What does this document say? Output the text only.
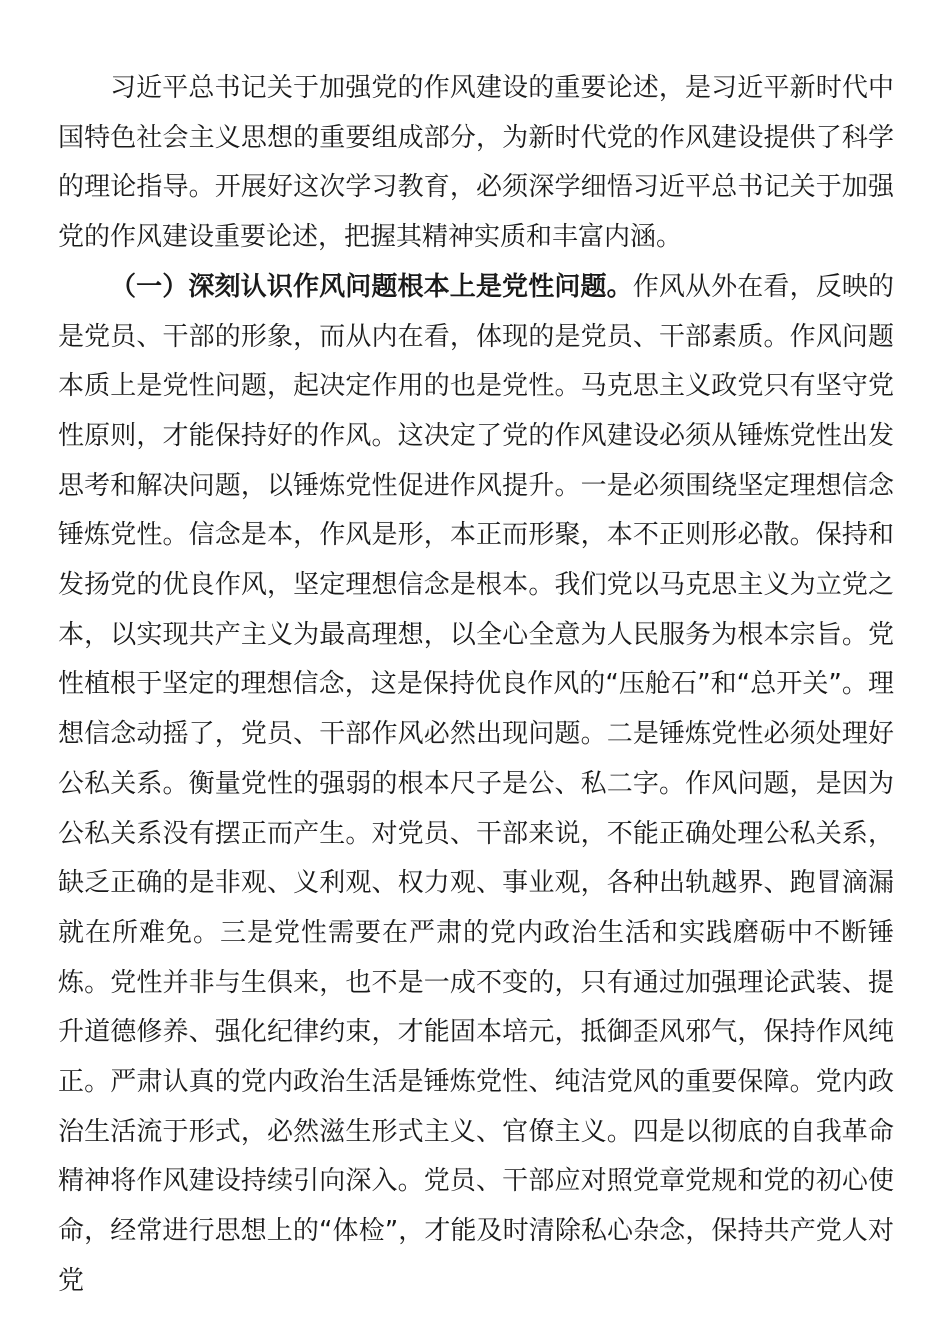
习近平总书记关于加强党的作风建设的重要论述，是习近平新时代中国特色社会主义思想的重要组成部分，为新时代党的作风建设提供了科学的理论指导。开展好这次学习教育，必须深学细悟习近平总书记关于加强党的作风建设重要论述，把握其精神实质和丰富内涵。

（一）深刻认识作风问题根本上是党性问题。作风从外在看，反映的是党员、干部的形象，而从内在看，体现的是党员、干部素质。作风问题本质上是党性问题，起决定作用的也是党性。马克思主义政党只有坚守党性原则，才能保持好的作风。这决定了党的作风建设必须从锤炼党性出发思考和解决问题，以锤炼党性促进作风提升。一是必须围绕坚定理想信念锤炼党性。信念是本，作风是形，本正而形聚，本不正则形必散。保持和发扬党的优良作风，坚定理想信念是根本。我们党以马克思主义为立党之本，以实现共产主义为最高理想，以全心全意为人民服务为根本宗旨。党性植根于坚定的理想信念，这是保持优良作风的“压舱石”和“总开关”。理想信念动摇了，党员、干部作风必然出现问题。二是锤炼党性必须处理好公私关系。衡量党性的强弱的根本尺子是公、私二字。作风问题，是因为公私关系没有摆正而产生。对党员、干部来说，不能正确处理公私关系，缺乏正确的是非观、义利观、权力观、事业观，各种出轨越界、跑冒滴漏就在所难免。三是党性需要在严肃的党内政治生活和实践磨砺中不断锤炼。党性并非与生俱来，也不是一成不变的，只有通过加强理论武装、提升道德修养、强化纪律约束，才能固本培元，抵御歪风邪气，保持作风纯正。严肃认真的党内政治生活是锤炼党性、纯洁党风的重要保障。党内政治生活流于形式，必然滋生形式主义、官僚主义。四是以彻底的自我革命精神将作风建设持续引向深入。党员、干部应对照党章党规和党的初心使命，经常进行思想上的“体检”，才能及时清除私心杂念，保持共产党人对党
